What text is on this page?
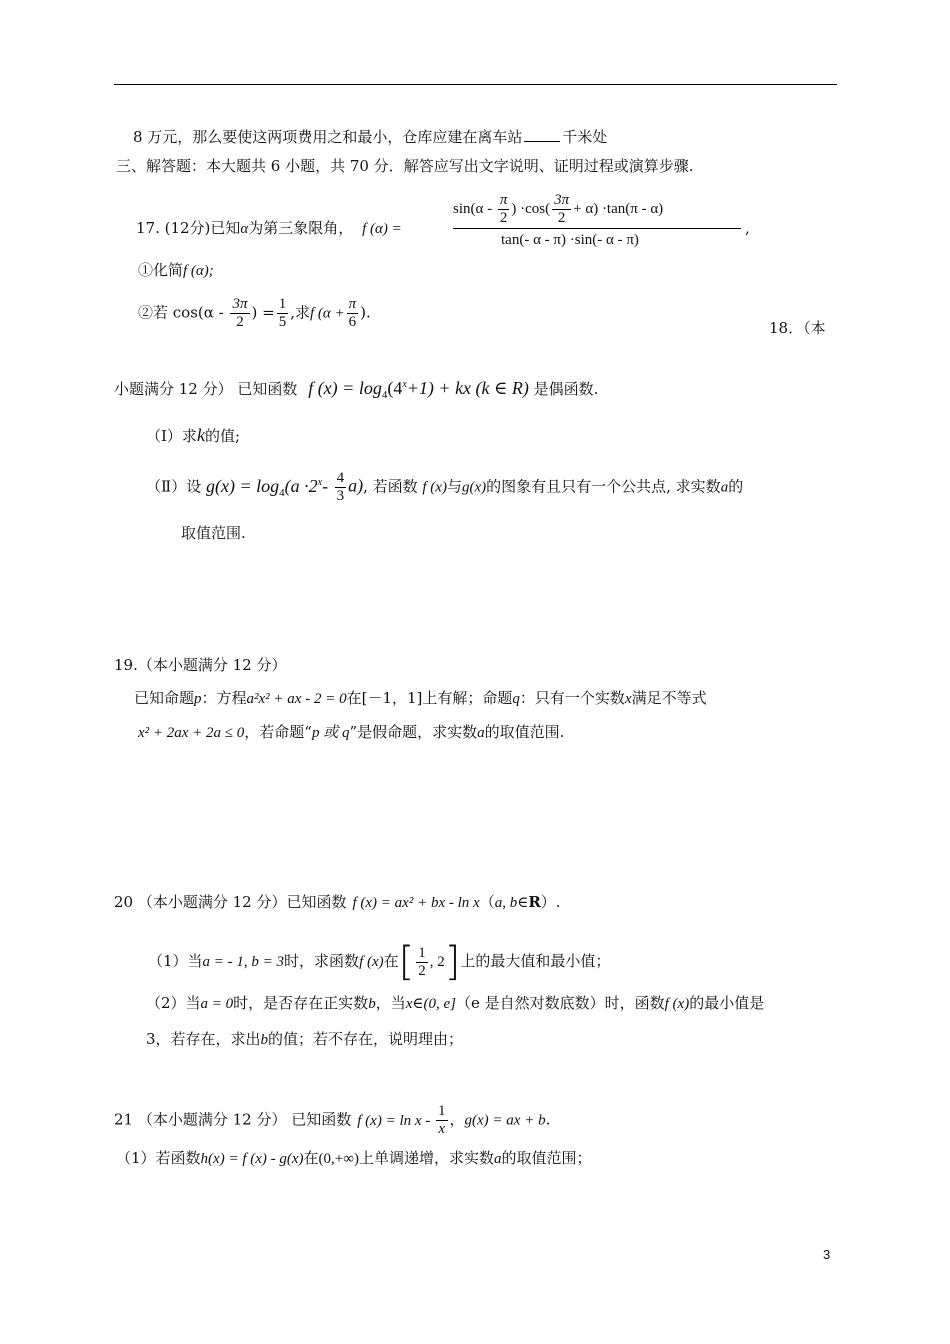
8 万元，那么要使这两项费用之和最小，仓库应建在离车站	千米处
三、解答题：本大题共 6 小题，共 70 分．解答应写出文字说明、证明过程或演算步骤.
17. (12分)已知α为第三象限角， f (α) =
$\sin(\alpha - \frac{\pi}{2}$ ) $\cdot\cos( \frac{3\pi}{2} + \alpha) \cdot\tan(\pi - \alpha)$
tan(- α - π) ·sin(- α - π)
,
①化简f (α);
②若 $\cos(\alpha - \frac{3\pi}{2}$ ) = $\frac{1}{5}$ ,求f ($\alpha + \frac{\pi}{6}$ ).
18．（本
小题满分 12 分） 已知函数 f $(x) = \log_4(4^x+1)$ + kx (k ∈ R) 是偶函数.
（Ⅰ）求k的值;
（Ⅱ）设 $g(x) = \log_4(a \cdot 2^x- \frac{4}{3} a)$, 若函数 f (x)与g(x)的图象有且只有一个公共点, 求实数a的
取值范围.
19.（本小题满分 12 分）
已知命题p：方程a²x² + ax - 2 = 0在[－1，1]上有解；命题q：只有一个实数x满足不等式
x² + 2ax + 2a ≤ 0，若命题“p 或 q”是假命题，求实数a的取值范围.
20 （本小题满分 12 分）已知函数 f (x) = ax² + bx - ln x（a, b∈R）.
（1）当a = - 1, b = 3时，求函数f (x)在[ $\frac{1}{2}$ , 2]上的最大值和最小值；
（2）当a = 0时，是否存在正实数b，当x∈(0, e]（e 是自然对数底数）时，函数f (x)的最小值是
3，若存在，求出b的值；若不存在，说明理由；
21 （本小题满分 12 分） 已知函数 f $(x) = \ln x - \frac{1}{x}$ ，g(x) = ax + b.
（1）若函数h(x) = f (x) - g(x)在(0,+∞)上单调递增，求实数a的取值范围；
3
